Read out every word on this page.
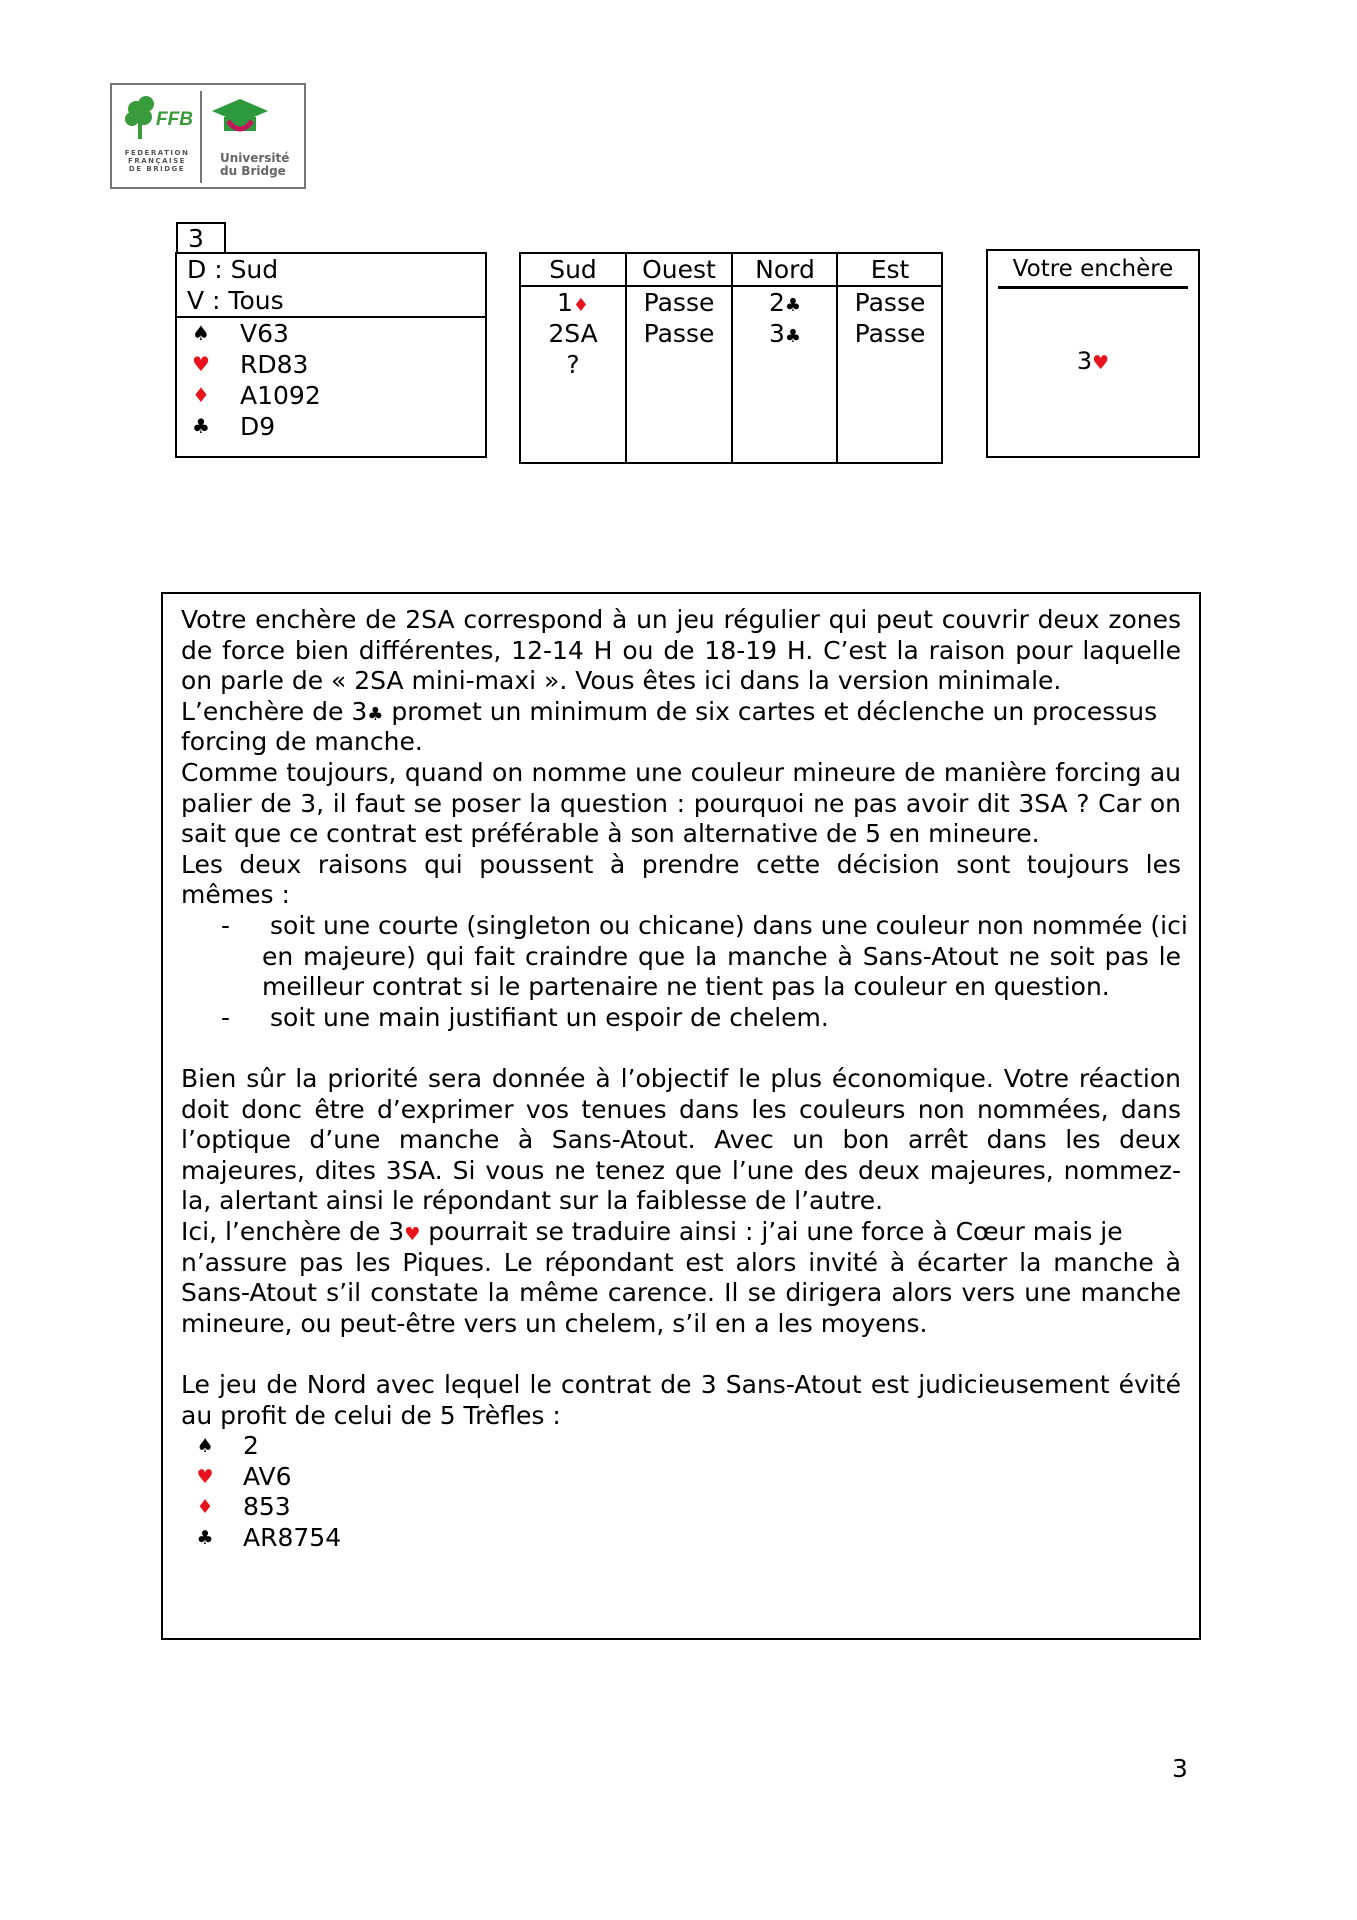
FFB
FEDERATION
FRANÇAISE
DE BRIDGE
Université
du Bridge
3
D : Sud
V : Tous
♠ V63
♥ RD83
♦ A1092
♣ D9
Sud	Ouest	Nord	Est
1♦	Passe	2♣	Passe
2SA	Passe	3♣	Passe
?
Votre enchère
3♥
Votre enchère de 2SA correspond à un jeu régulier qui peut couvrir deux zones
de force bien différentes, 12-14 H ou de 18-19 H. C’est la raison pour laquelle
on parle de « 2SA mini-maxi ». Vous êtes ici dans la version minimale.
L’enchère de 3♣ promet un minimum de six cartes et déclenche un processus
forcing de manche.
Comme toujours, quand on nomme une couleur mineure de manière forcing au
palier de 3, il faut se poser la question : pourquoi ne pas avoir dit 3SA ? Car on
sait que ce contrat est préférable à son alternative de 5 en mineure.
Les deux raisons qui poussent à prendre cette décision sont toujours les
mêmes :
- soit une courte (singleton ou chicane) dans une couleur non nommée (ici
en majeure) qui fait craindre que la manche à Sans-Atout ne soit pas le
meilleur contrat si le partenaire ne tient pas la couleur en question.
- soit une main justifiant un espoir de chelem.
Bien sûr la priorité sera donnée à l’objectif le plus économique. Votre réaction
doit donc être d’exprimer vos tenues dans les couleurs non nommées, dans
l’optique d’une manche à Sans-Atout. Avec un bon arrêt dans les deux
majeures, dites 3SA. Si vous ne tenez que l’une des deux majeures, nommez-
la, alertant ainsi le répondant sur la faiblesse de l’autre.
Ici, l’enchère de 3♥ pourrait se traduire ainsi : j’ai une force à Cœur mais je
n’assure pas les Piques. Le répondant est alors invité à écarter la manche à
Sans-Atout s’il constate la même carence. Il se dirigera alors vers une manche
mineure, ou peut-être vers un chelem, s’il en a les moyens.
Le jeu de Nord avec lequel le contrat de 3 Sans-Atout est judicieusement évité
au profit de celui de 5 Trèfles :
♠ 2
♥ AV6
♦ 853
♣ AR8754
3
